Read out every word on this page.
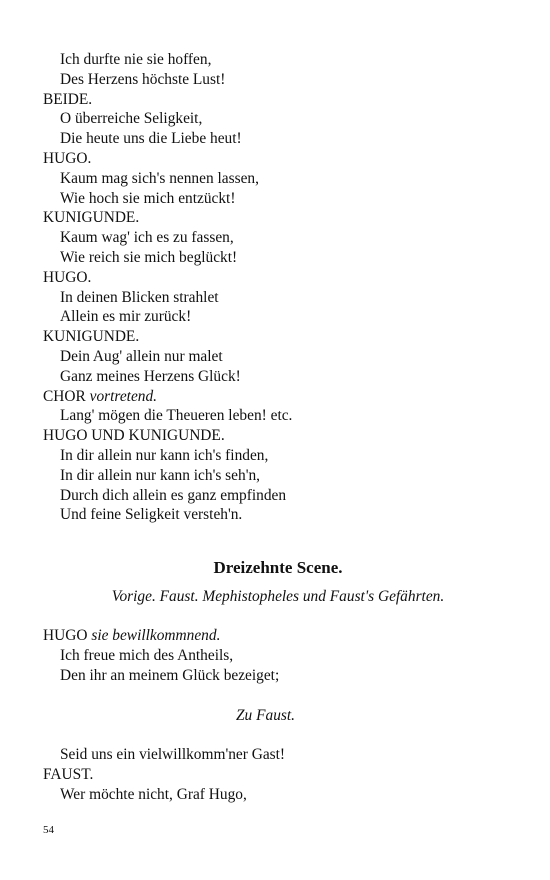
Ich durfte nie sie hoffen,
Des Herzens höchste Lust!
BEIDE.
O überreiche Seligkeit,
Die heute uns die Liebe heut!
HUGO.
Kaum mag sich's nennen lassen,
Wie hoch sie mich entzückt!
KUNIGUNDE.
Kaum wag' ich es zu fassen,
Wie reich sie mich beglückt!
HUGO.
In deinen Blicken strahlet
Allein es mir zurück!
KUNIGUNDE.
Dein Aug' allein nur malet
Ganz meines Herzens Glück!
CHOR vortretend.
Lang' mögen die Theueren leben! etc.
HUGO UND KUNIGUNDE.
In dir allein nur kann ich's finden,
In dir allein nur kann ich's seh'n,
Durch dich allein es ganz empfinden
Und feine Seligkeit versteh'n.
Dreizehnte Scene.
Vorige. Faust. Mephistopheles und Faust's Gefährten.
HUGO sie bewillkommnend.
Ich freue mich des Antheils,
Den ihr an meinem Glück bezeiget;
Zu Faust.
Seid uns ein vielwillkomm'ner Gast!
FAUST.
Wer möchte nicht, Graf Hugo,
54
